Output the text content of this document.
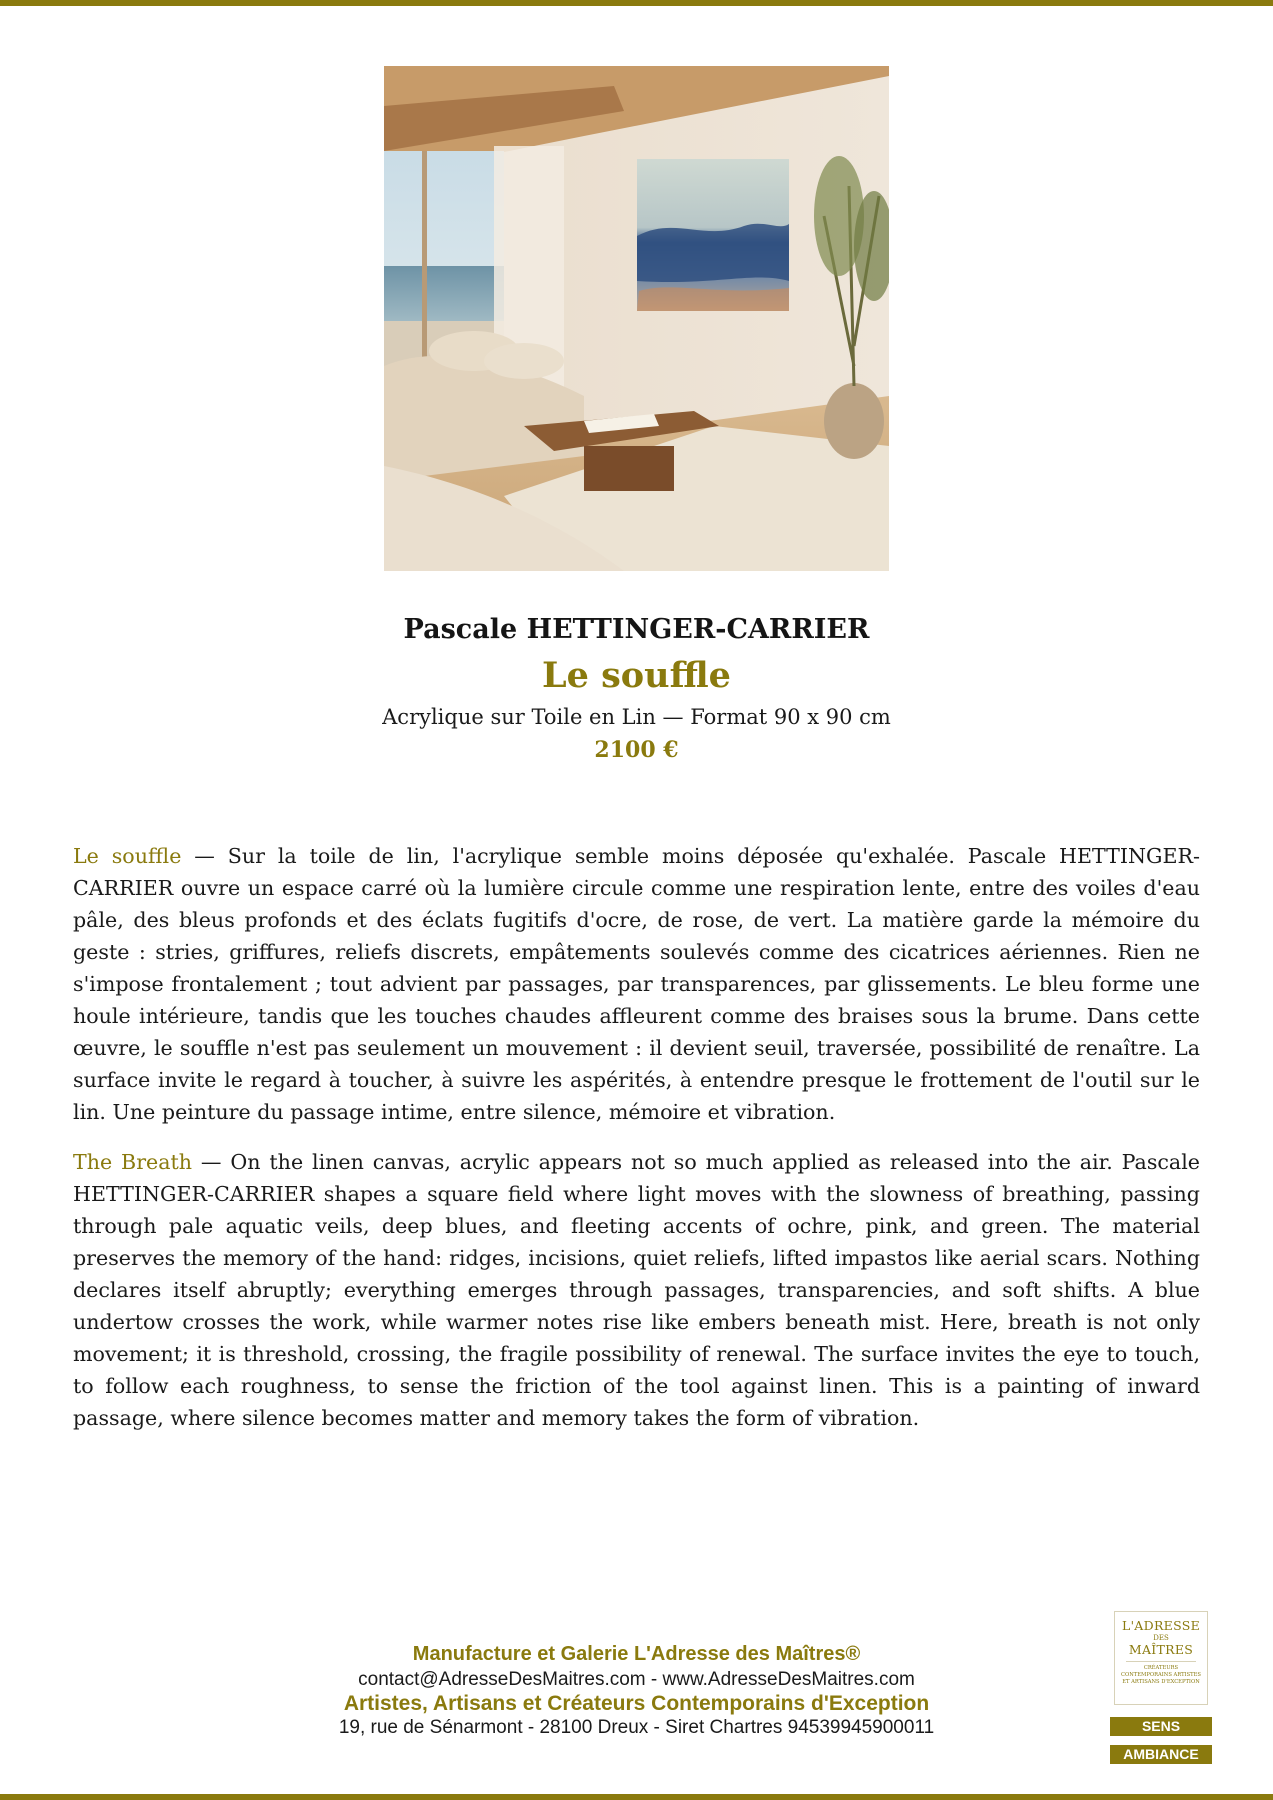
Pascale HETTINGER-CARRIER
Le souffle
Acrylique sur Toile en Lin — Format 90 x 90 cm
2100 €

Le souffle — Sur la toile de lin, l'acrylique semble moins déposée qu'exhalée. Pascale HETTINGER-CARRIER ouvre un espace carré où la lumière circule comme une respiration lente, entre des voiles d'eau pâle, des bleus profonds et des éclats fugitifs d'ocre, de rose, de vert. La matière garde la mémoire du geste : stries, griffures, reliefs discrets, empâtements soulevés comme des cicatrices aériennes. Rien ne s'impose frontalement ; tout advient par passages, par transparences, par glissements. Le bleu forme une houle intérieure, tandis que les touches chaudes affleurent comme des braises sous la brume. Dans cette œuvre, le souffle n'est pas seulement un mouvement : il devient seuil, traversée, possibilité de renaître. La surface invite le regard à toucher, à suivre les aspérités, à entendre presque le frottement de l'outil sur le lin. Une peinture du passage intime, entre silence, mémoire et vibration.

The Breath — On the linen canvas, acrylic appears not so much applied as released into the air. Pascale HETTINGER-CARRIER shapes a square field where light moves with the slowness of breathing, passing through pale aquatic veils, deep blues, and fleeting accents of ochre, pink, and green. The material preserves the memory of the hand: ridges, incisions, quiet reliefs, lifted impastos like aerial scars. Nothing declares itself abruptly; everything emerges through passages, transparencies, and soft shifts. A blue undertow crosses the work, while warmer notes rise like embers beneath mist. Here, breath is not only movement; it is threshold, crossing, the fragile possibility of renewal. The surface invites the eye to touch, to follow each roughness, to sense the friction of the tool against linen. This is a painting of inward passage, where silence becomes matter and memory takes the form of vibration.

Manufacture et Galerie L'Adresse des Maîtres®
contact@AdresseDesMaitres.com - www.AdresseDesMaitres.com
Artistes, Artisans et Créateurs Contemporains d'Exception
19, rue de Sénarmont - 28100 Dreux - Siret Chartres 94539945900011
L'ADRESSE
DES
MAÎTRES
CRÉATEURS CONTEMPORAINS ARTISTES ET ARTISANS D'EXCEPTION
SENS
AMBIANCE
